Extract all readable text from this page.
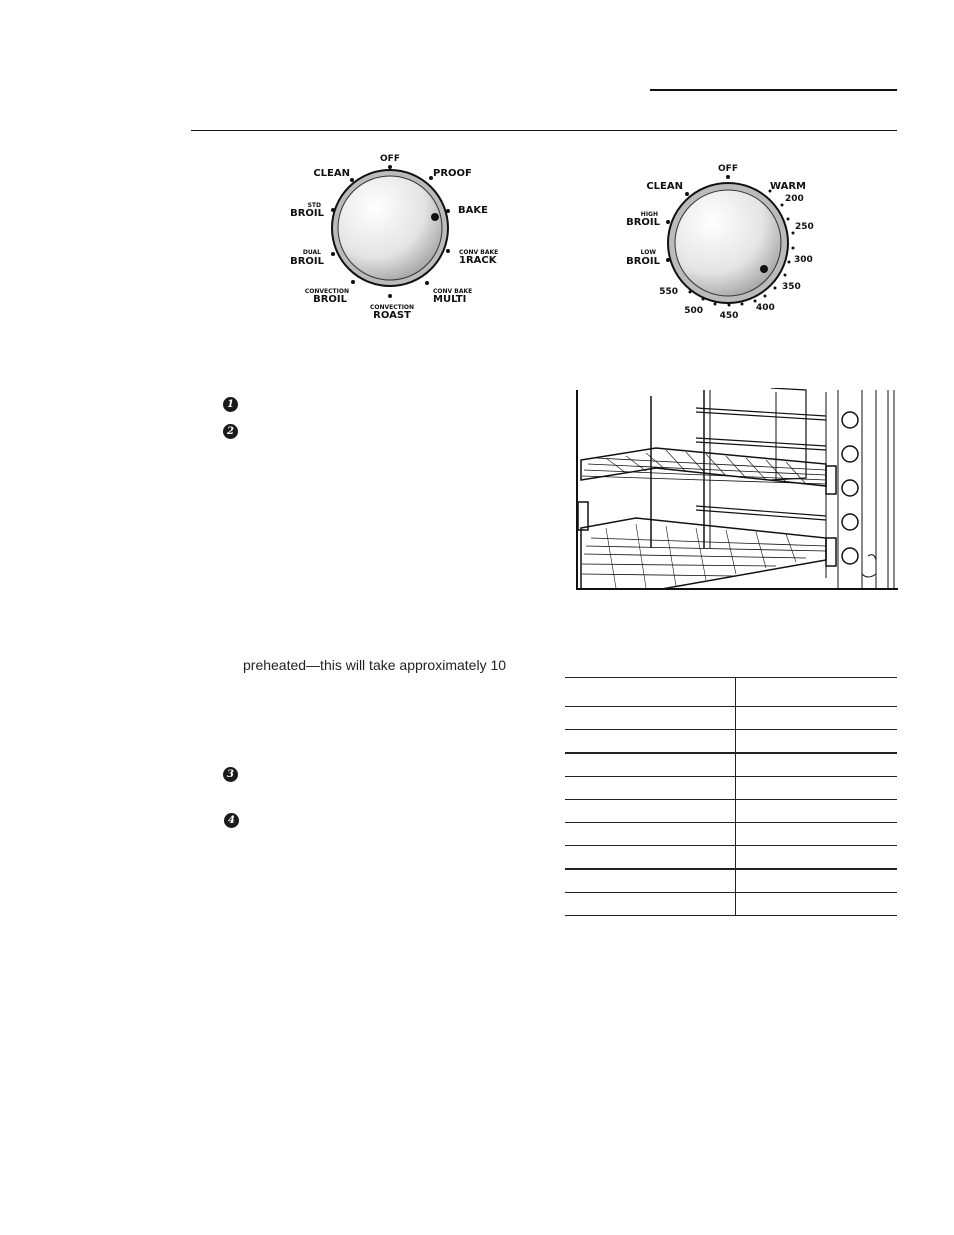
OFF
CLEAN	PROOF
STD
BROIL	BAKE
DUAL
BROIL
CONV BAKE
1RACK
CONVECTION
BROIL
CONVECTION
ROAST
CONV BAKE
MULTI
OFF
CLEAN	WARM
200
HIGH
BROIL	250
LOW
BROIL	300
350
550
400
500 450
1
2
3
4
preheated—this will take approximately 10
